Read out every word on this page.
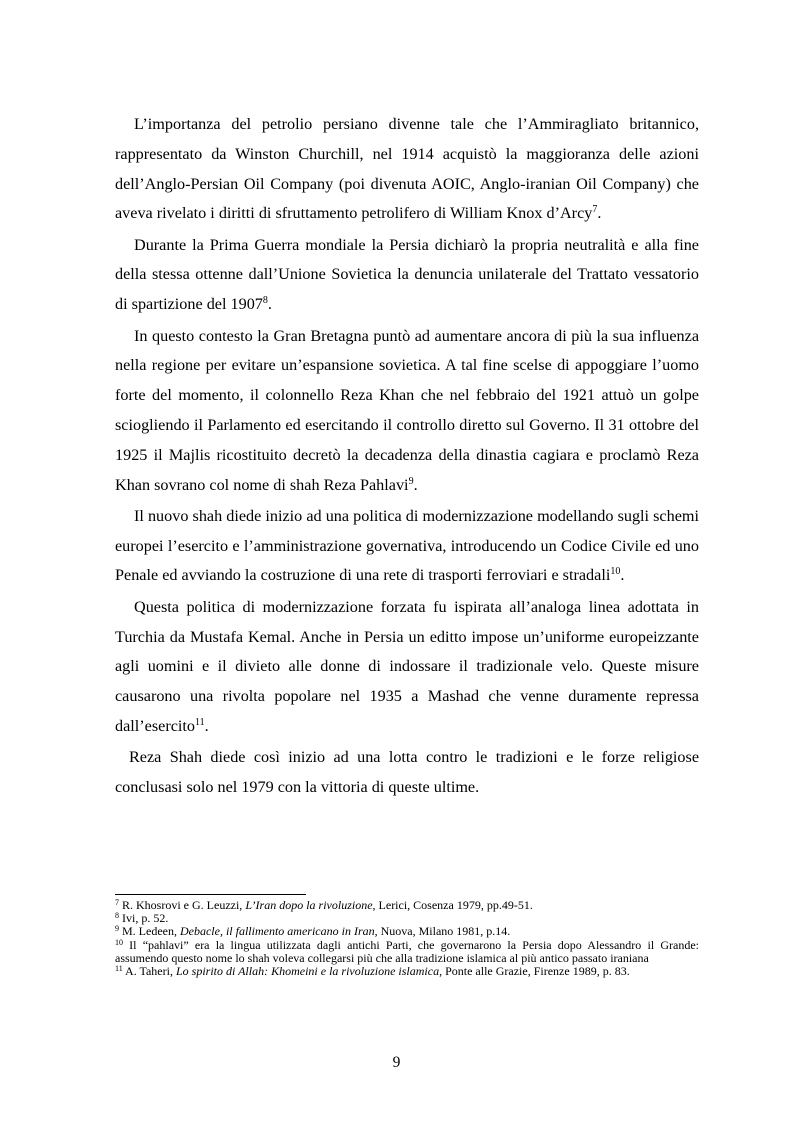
L’importanza del petrolio persiano divenne tale che l’Ammiragliato britannico, rappresentato da Winston Churchill, nel 1914 acquistò la maggioranza delle azioni dell’Anglo-Persian Oil Company (poi divenuta AOIC, Anglo-iranian Oil Company) che aveva rivelato i diritti di sfruttamento petrolifero di William Knox d’Arcy$^7$.

Durante la Prima Guerra mondiale la Persia dichiarò la propria neutralità e alla fine della stessa ottenne dall’Unione Sovietica la denuncia unilaterale del Trattato vessatorio di spartizione del 1907$^8$.

In questo contesto la Gran Bretagna puntò ad aumentare ancora di più la sua influenza nella regione per evitare un’espansione sovietica. A tal fine scelse di appoggiare l’uomo forte del momento, il colonnello Reza Khan che nel febbraio del 1921 attuò un golpe sciogliendo il Parlamento ed esercitando il controllo diretto sul Governo. Il 31 ottobre del 1925 il Majlis ricostituito decretò la decadenza della dinastia cagiara e proclamò Reza Khan sovrano col nome di shah Reza Pahlavi$^9$.

Il nuovo shah diede inizio ad una politica di modernizzazione modellando sugli schemi europei l’esercito e l’amministrazione governativa, introducendo un Codice Civile ed uno Penale ed avviando la costruzione di una rete di trasporti ferroviari e stradali$^{10}$.

Questa politica di modernizzazione forzata fu ispirata all’analoga linea adottata in Turchia da Mustafa Kemal. Anche in Persia un editto impose un’uniforme europeizzante agli uomini e il divieto alle donne di indossare il tradizionale velo. Queste misure causarono una rivolta popolare nel 1935 a Mashad che venne duramente repressa dall’esercito$^{11}$.

Reza Shah diede così inizio ad una lotta contro le tradizioni e le forze religiose conclusasi solo nel 1979 con la vittoria di queste ultime.

$^7$ R. Khosrovi e G. Leuzzi, L’Iran dopo la rivoluzione, Lerici, Cosenza 1979, pp.49-51.

$^8$ Ivi, p. 52.

$^9$ M. Ledeen, Debacle, il fallimento americano in Iran, Nuova, Milano 1981, p.14.

$^{10}$ Il “pahlavi” era la lingua utilizzata dagli antichi Parti, che governarono la Persia dopo Alessandro il Grande: assumendo questo nome lo shah voleva collegarsi più che alla tradizione islamica al più antico passato iraniana

$^{11}$ A. Taheri, Lo spirito di Allah: Khomeini e la rivoluzione islamica, Ponte alle Grazie, Firenze 1989, p. 83.

9
